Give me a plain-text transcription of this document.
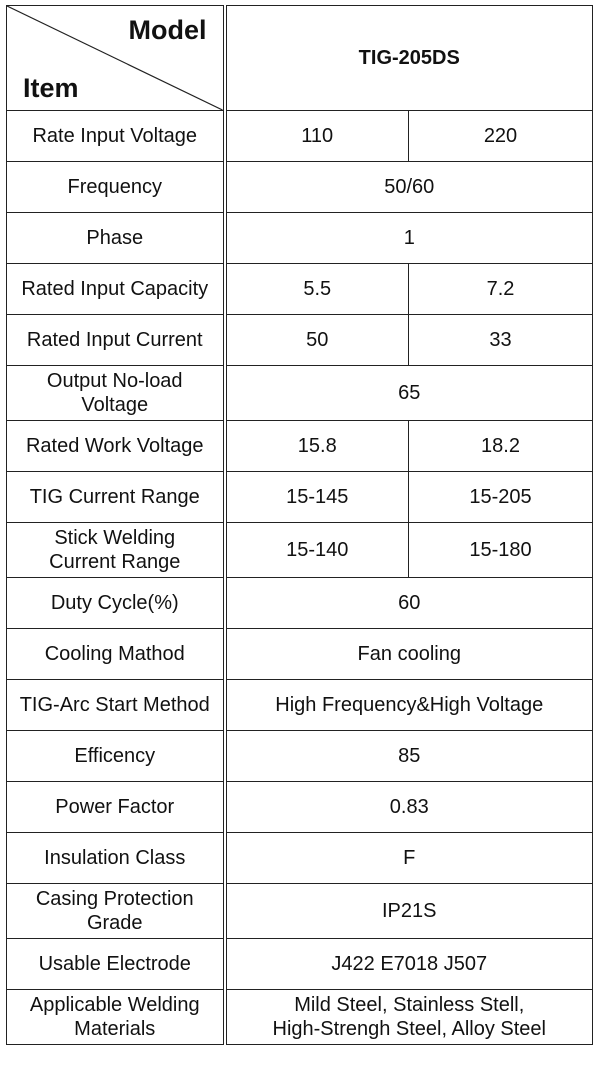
Model
Item	TIG-205DS	

Rate Input Voltage	110	220

Frequency	50/60	

Phase	1	

Rated Input Capacity	5.5	7.2

Rated Input Current	50	33

Output No-load
Voltage	65	

Rated Work Voltage	15.8	18.2

TIG Current Range	15-145	15-205

Stick Welding
Current Range	15-140	15-180

Duty Cycle(%)	60	

Cooling Mathod	Fan cooling	

TIG-Arc Start Method	High Frequency&High Voltage	

Efficency	85	

Power Factor	0.83	

Insulation Class	F	

Casing Protection
Grade	IP21S	

Usable Electrode	J422 E7018 J507	

Applicable Welding
Materials	Mild Steel, Stainless Stell,
High-Strengh Steel, Alloy Steel	
